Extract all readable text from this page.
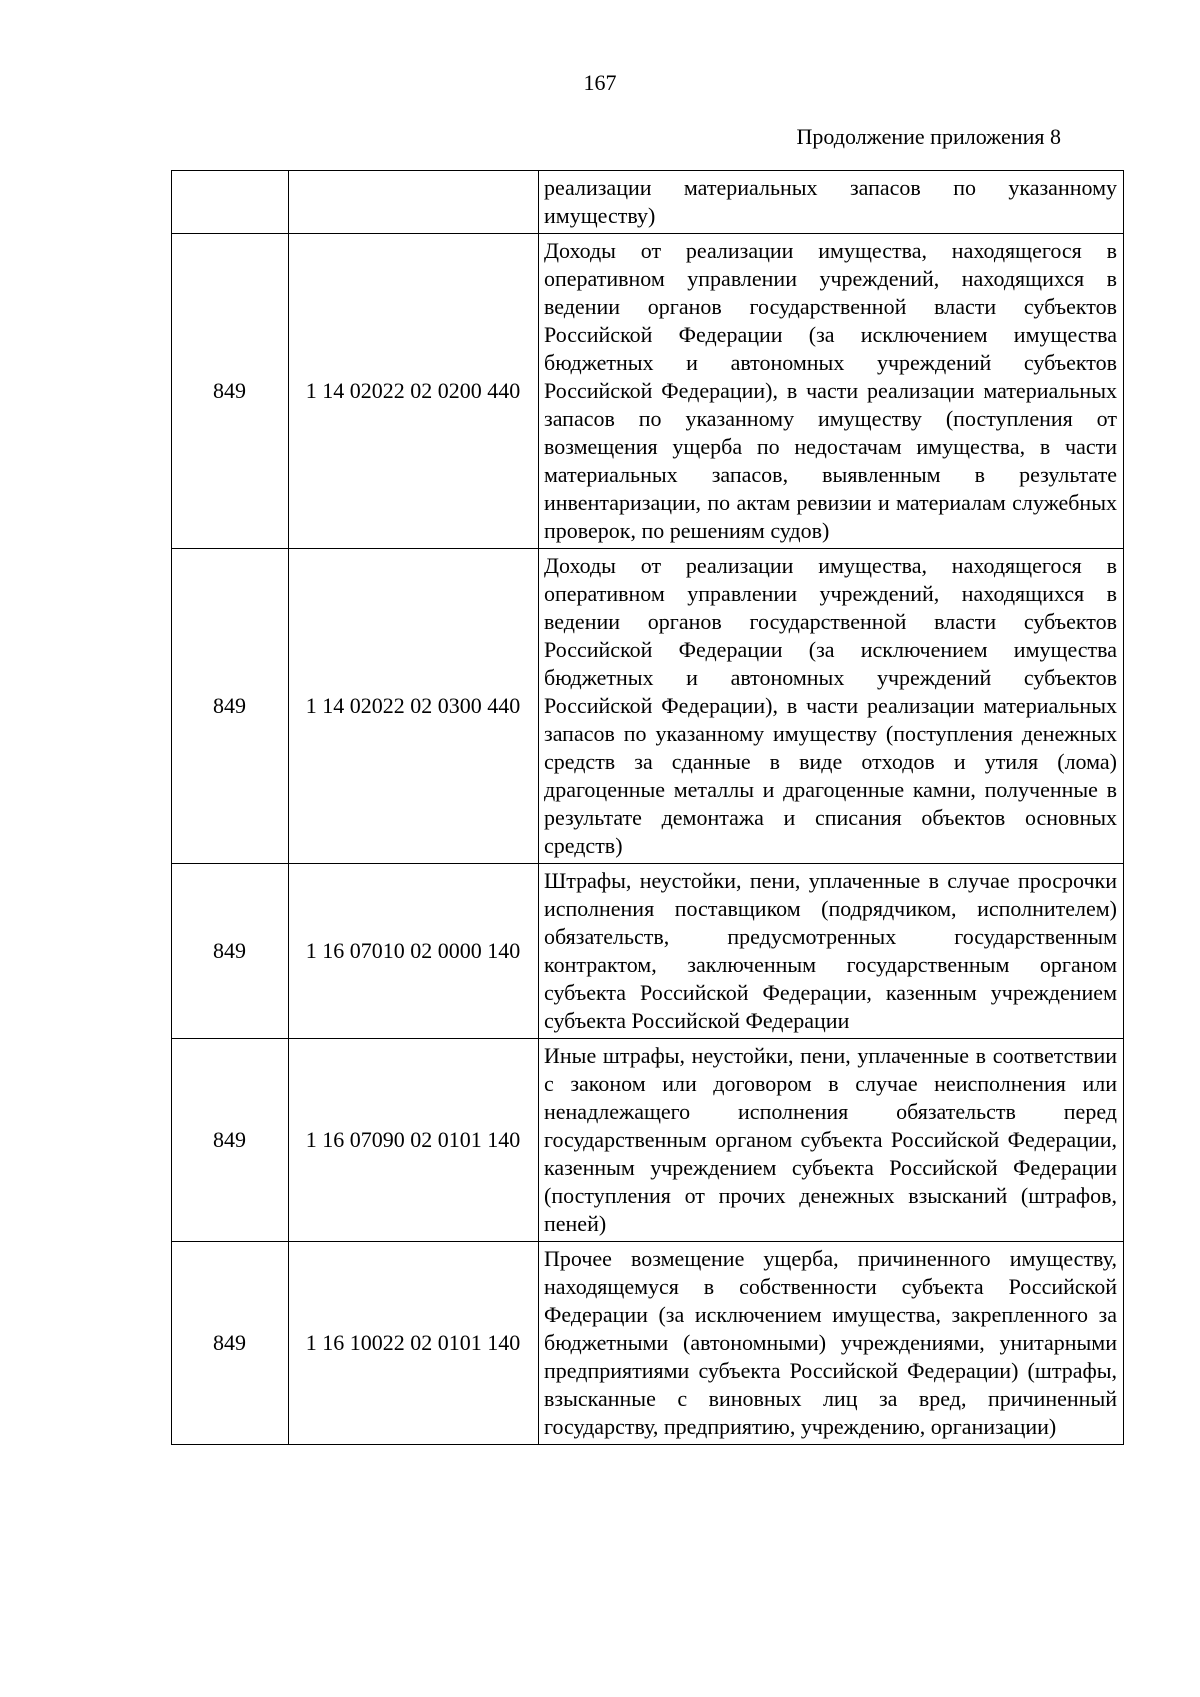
167
Продолжение приложения 8
		реализации материальных запасов по указанному имуществу)
849	1 14 02022 02 0200 440	Доходы от реализации имущества, находящегося в оперативном управлении учреждений, находящихся в ведении органов государственной власти субъектов Российской Федерации (за исключением имущества бюджетных и автономных учреждений субъектов Российской Федерации), в части реализации материальных запасов по указанному имуществу (поступления от возмещения ущерба по недостачам имущества, в части материальных запасов, выявленным в результате инвентаризации, по актам ревизии и материалам служебных проверок, по решениям судов)
849	1 14 02022 02 0300 440	Доходы от реализации имущества, находящегося в оперативном управлении учреждений, находящихся в ведении органов государственной власти субъектов Российской Федерации (за исключением имущества бюджетных и автономных учреждений субъектов Российской Федерации), в части реализации материальных запасов по указанному имуществу (поступления денежных средств за сданные в виде отходов и утиля (лома) драгоценные металлы и драгоценные камни, полученные в результате демонтажа и списания объектов основных средств)
849	1 16 07010 02 0000 140	Штрафы, неустойки, пени, уплаченные в случае просрочки исполнения поставщиком (подрядчиком, исполнителем) обязательств, предусмотренных государственным контрактом, заключенным государственным органом субъекта Российской Федерации, казенным учреждением субъекта Российской Федерации
849	1 16 07090 02 0101 140	Иные штрафы, неустойки, пени, уплаченные в соответствии с законом или договором в случае неисполнения или ненадлежащего исполнения обязательств перед государственным органом субъекта Российской Федерации, казенным учреждением субъекта Российской Федерации (поступления от прочих денежных взысканий (штрафов, пеней)
849	1 16 10022 02 0101 140	Прочее возмещение ущерба, причиненного имуществу, находящемуся в собственности субъекта Российской Федерации (за исключением имущества, закрепленного за бюджетными (автономными) учреждениями, унитарными предприятиями субъекта Российской Федерации) (штрафы, взысканные с виновных лиц за вред, причиненный государству, предприятию, учреждению, организации)
